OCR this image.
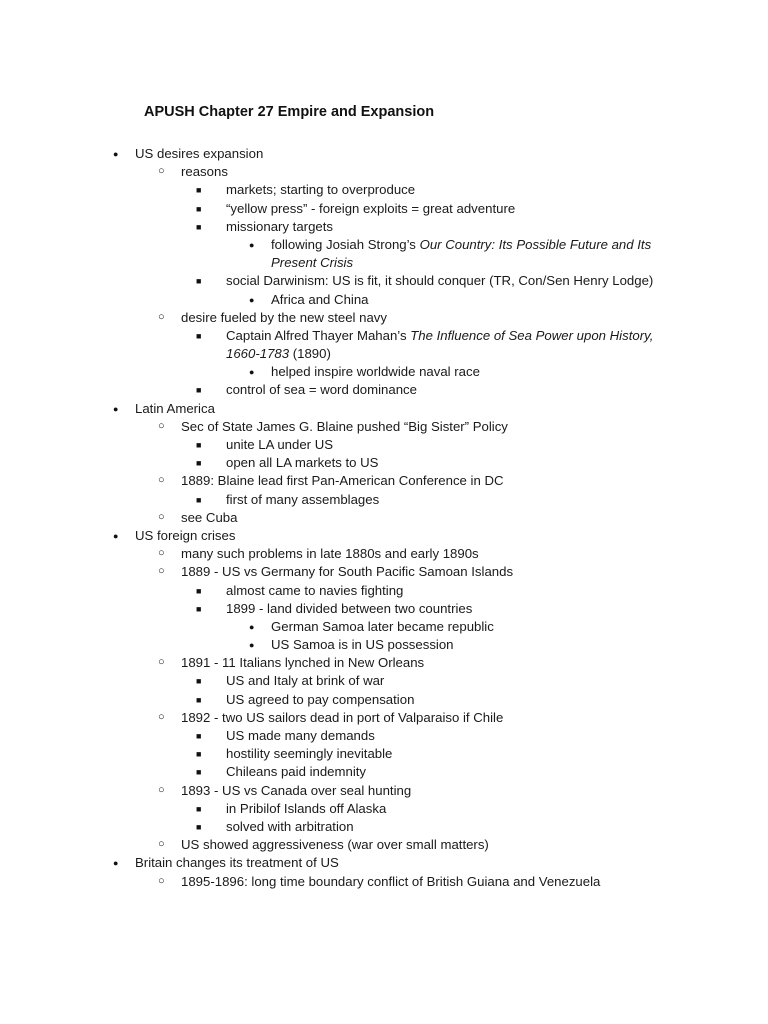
APUSH Chapter 27 Empire and Expansion
● US desires expansion
○ reasons
■ markets; starting to overproduce
■ “yellow press” - foreign exploits = great adventure
■ missionary targets
● following Josiah Strong’s Our Country: Its Possible Future and Its
Present Crisis
■ social Darwinism: US is fit, it should conquer (TR, Con/Sen Henry Lodge)
● Africa and China
○ desire fueled by the new steel navy
■ Captain Alfred Thayer Mahan’s The Influence of Sea Power upon History,
1660-1783 (1890)
● helped inspire worldwide naval race
■ control of sea = word dominance
● Latin America
○ Sec of State James G. Blaine pushed “Big Sister” Policy
■ unite LA under US
■ open all LA markets to US
○ 1889: Blaine lead first Pan-American Conference in DC
■ first of many assemblages
○ see Cuba
● US foreign crises
○ many such problems in late 1880s and early 1890s
○ 1889 - US vs Germany for South Pacific Samoan Islands
■ almost came to navies fighting
■ 1899 - land divided between two countries
● German Samoa later became republic
● US Samoa is in US possession
○ 1891 - 11 Italians lynched in New Orleans
■ US and Italy at brink of war
■ US agreed to pay compensation
○ 1892 - two US sailors dead in port of Valparaiso if Chile
■ US made many demands
■ hostility seemingly inevitable
■ Chileans paid indemnity
○ 1893 - US vs Canada over seal hunting
■ in Pribilof Islands off Alaska
■ solved with arbitration
○ US showed aggressiveness (war over small matters)
● Britain changes its treatment of US
○ 1895-1896: long time boundary conflict of British Guiana and Venezuela
